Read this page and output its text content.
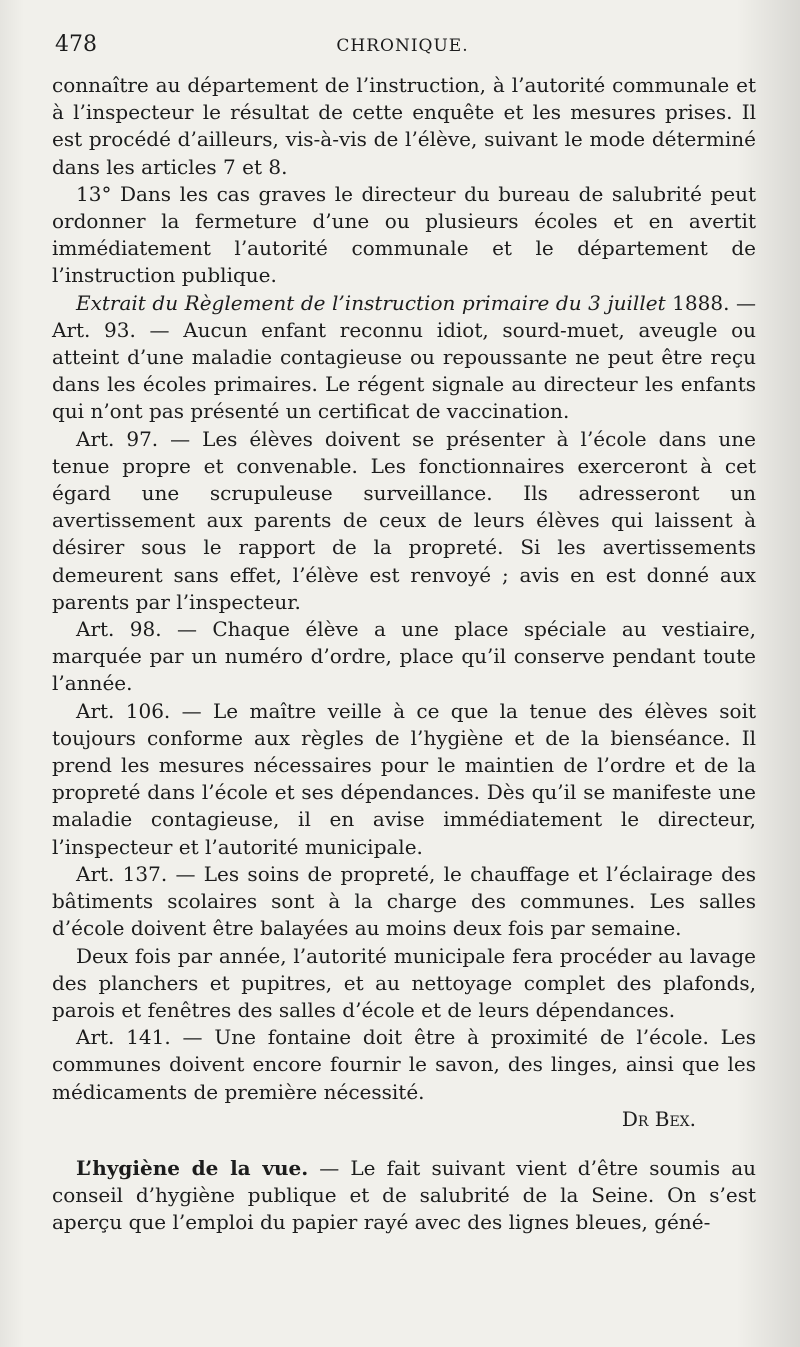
478	CHRONIQUE.

connaître au département de l’instruction, à l’autorité communale et à l’inspecteur le résultat de cette enquête et les mesures prises. Il est procédé d’ailleurs, vis-à-vis de l’élève, suivant le mode déterminé dans les articles 7 et 8.

13° Dans les cas graves le directeur du bureau de salubrité peut ordonner la fermeture d’une ou plusieurs écoles et en avertit immédiatement l’autorité communale et le département de l’instruction publique.

Extrait du Règlement de l’instruction primaire du 3 juillet 1888. — Art. 93. — Aucun enfant reconnu idiot, sourd-muet, aveugle ou atteint d’une maladie contagieuse ou repoussante ne peut être reçu dans les écoles primaires. Le régent signale au directeur les enfants qui n’ont pas présenté un certificat de vaccination.

Art. 97. — Les élèves doivent se présenter à l’école dans une tenue propre et convenable. Les fonctionnaires exerceront à cet égard une scrupuleuse surveillance. Ils adresseront un avertissement aux parents de ceux de leurs élèves qui laissent à désirer sous le rapport de la propreté. Si les avertissements demeurent sans effet, l’élève est renvoyé ; avis en est donné aux parents par l’inspecteur.

Art. 98. — Chaque élève a une place spéciale au vestiaire, marquée par un numéro d’ordre, place qu’il conserve pendant toute l’année.

Art. 106. — Le maître veille à ce que la tenue des élèves soit toujours conforme aux règles de l’hygiène et de la bienséance. Il prend les mesures nécessaires pour le maintien de l’ordre et de la propreté dans l’école et ses dépendances. Dès qu’il se manifeste une maladie contagieuse, il en avise immédiatement le directeur, l’inspecteur et l’autorité municipale.

Art. 137. — Les soins de propreté, le chauffage et l’éclairage des bâtiments scolaires sont à la charge des communes. Les salles d’école doivent être balayées au moins deux fois par semaine.

Deux fois par année, l’autorité municipale fera procéder au lavage des planchers et pupitres, et au nettoyage complet des plafonds, parois et fenêtres des salles d’école et de leurs dépendances.

Art. 141. — Une fontaine doit être à proximité de l’école. Les communes doivent encore fournir le savon, des linges, ainsi que les médicaments de première nécessité.

Dr Bex.

L’hygiène de la vue. — Le fait suivant vient d’être soumis au conseil d’hygiène publique et de salubrité de la Seine. On s’est aperçu que l’emploi du papier rayé avec des lignes bleues, géné-
